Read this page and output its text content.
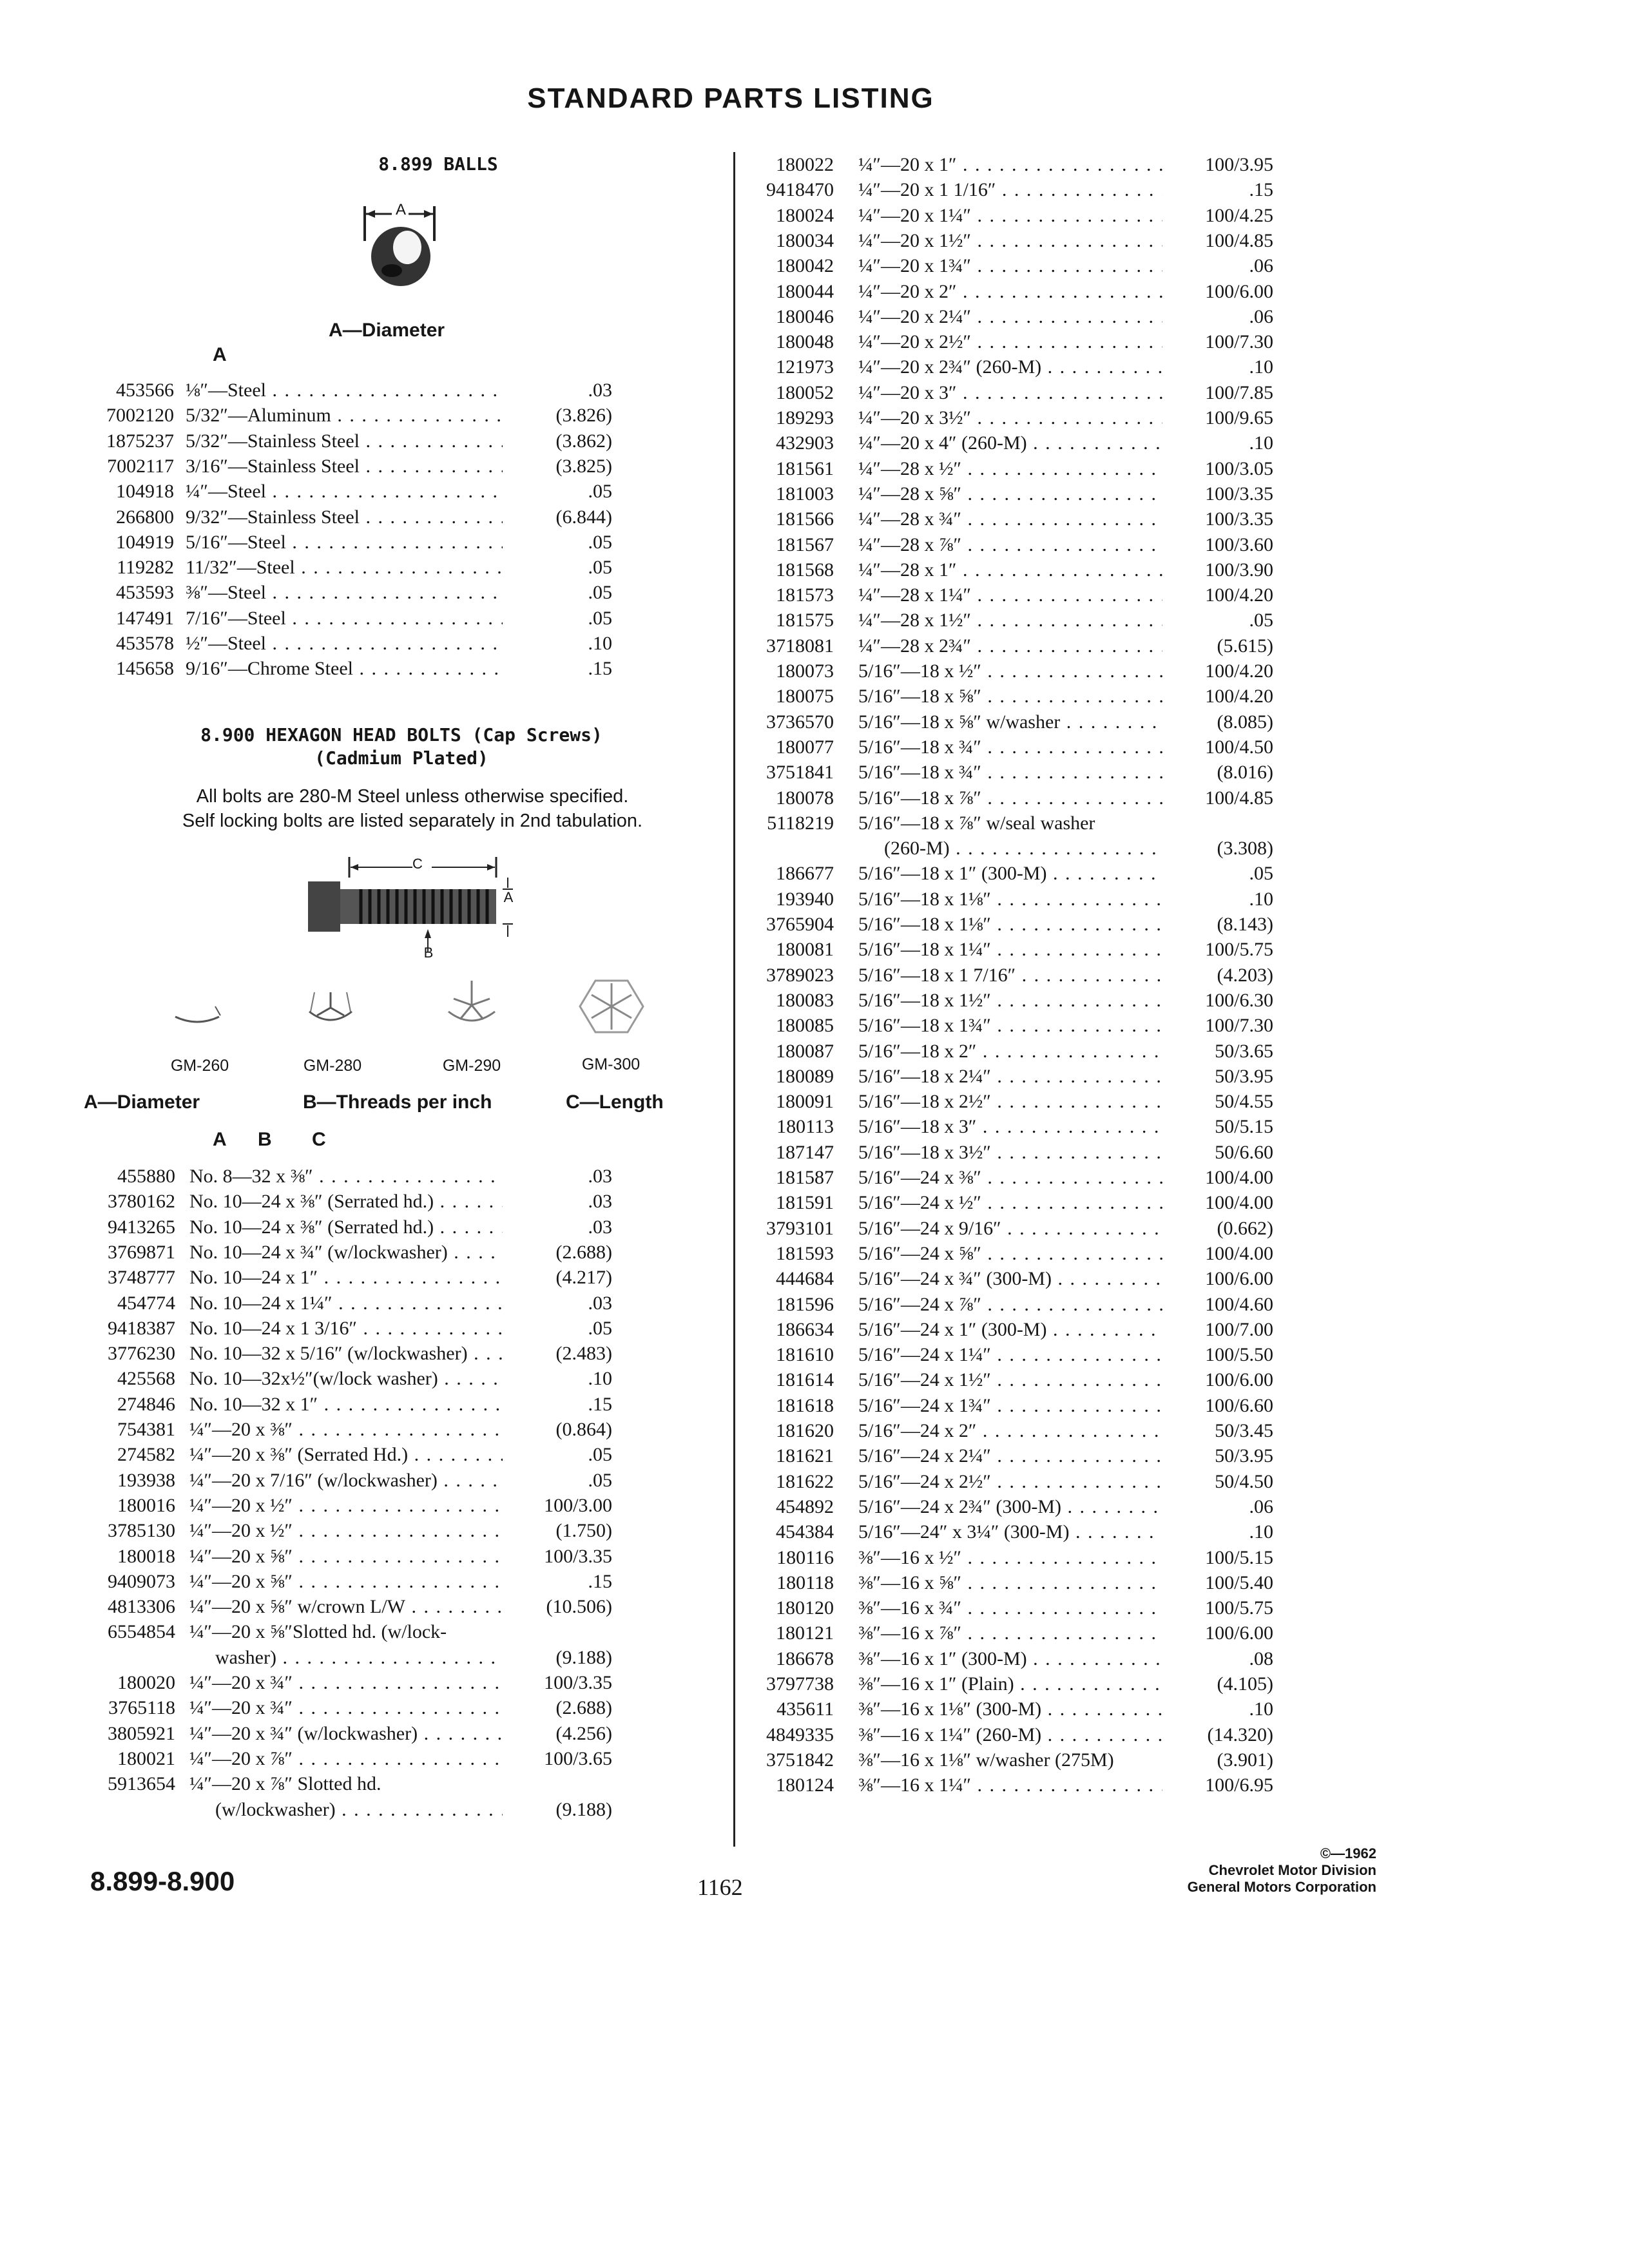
STANDARD PARTS LISTING
8.899 BALLS
A
A—Diameter
A
453566 ⅛″—Steel . . .	.03
7002120 5/32″—Aluminum . . .	(3.826)
1875237 5/32″—Stainless Steel . . .	(3.862)
7002117 3/16″—Stainless Steel . . .	(3.825)
104918 ¼″—Steel . . .	.05
266800 9/32″—Stainless Steel . . .	(6.844)
104919 5/16″—Steel . . .	.05
119282 11/32″—Steel . . .	.05
453593 ⅜″—Steel . . .	.05
147491 7/16″—Steel . . .	.05
453578 ½″—Steel . . .	.10
145658 9/16″—Chrome Steel . . .	.15
8.900 HEXAGON HEAD BOLTS (Cap Screws)
(Cadmium Plated)
All bolts are 280-M Steel unless otherwise specified.
Self locking bolts are listed separately in 2nd tabulation.
C
A
B
GM-260	GM-280	GM-290	GM-300
A—Diameter	B—Threads per inch	C—Length
A B C
455880 No. 8—32 x ⅜″ . . .	.03
3780162 No. 10—24 x ⅜″ (Serrated hd.) . . .	.03
9413265 No. 10—24 x ⅜″ (Serrated hd.) . . .	.03
3769871 No. 10—24 x ¾″ (w/lockwasher) . . .	(2.688)
3748777 No. 10—24 x 1″ . . .	(4.217)
454774 No. 10—24 x 1¼″ . . .	.03
9418387 No. 10—24 x 1 3/16″ . . .	.05
3776230 No. 10—32 x 5/16″ (w/lockwasher) . . .	(2.483)
425568 No. 10—32x½″(w/lock washer) . . .	.10
274846 No. 10—32 x 1″ . . .	.15
754381 ¼″—20 x ⅜″ . . .	(0.864)
274582 ¼″—20 x ⅜″ (Serrated Hd.) . . .	.05
193938 ¼″—20 x 7/16″ (w/lockwasher) . . .	.05
180016 ¼″—20 x ½″ . . .	100/3.00
3785130 ¼″—20 x ½″ . . .	(1.750)
180018 ¼″—20 x ⅝″ . . .	100/3.35
9409073 ¼″—20 x ⅝″ . . .	.15
4813306 ¼″—20 x ⅝″ w/crown L/W . . .	(10.506)
6554854 ¼″—20 x ⅝″Slotted hd. (w/lock-
washer) . . .	(9.188)
180020 ¼″—20 x ¾″ . . .	100/3.35
3765118 ¼″—20 x ¾″ . . .	(2.688)
3805921 ¼″—20 x ¾″ (w/lockwasher) . . .	(4.256)
180021 ¼″—20 x ⅞″ . . .	100/3.65
5913654 ¼″—20 x ⅞″ Slotted hd.
(w/lockwasher) . . .	(9.188)
180022 ¼″—20 x 1″ . . .	100/3.95
9418470 ¼″—20 x 1 1/16″ . . .	.15
180024 ¼″—20 x 1¼″ . . .	100/4.25
180034 ¼″—20 x 1½″ . . .	100/4.85
180042 ¼″—20 x 1¾″ . . .	.06
180044 ¼″—20 x 2″ . . .	100/6.00
180046 ¼″—20 x 2¼″ . . .	.06
180048 ¼″—20 x 2½″ . . .	100/7.30
121973 ¼″—20 x 2¾″ (260-M) . . .	.10
180052 ¼″—20 x 3″ . . .	100/7.85
189293 ¼″—20 x 3½″ . . .	100/9.65
432903 ¼″—20 x 4″ (260-M) . . .	.10
181561 ¼″—28 x ½″ . . .	100/3.05
181003 ¼″—28 x ⅝″ . . .	100/3.35
181566 ¼″—28 x ¾″ . . .	100/3.35
181567 ¼″—28 x ⅞″ . . .	100/3.60
181568 ¼″—28 x 1″ . . .	100/3.90
181573 ¼″—28 x 1¼″ . . .	100/4.20
181575 ¼″—28 x 1½″ . . .	.05
3718081 ¼″—28 x 2¾″ . . .	(5.615)
180073 5/16″—18 x ½″ . . .	100/4.20
180075 5/16″—18 x ⅝″ . . .	100/4.20
3736570 5/16″—18 x ⅝″ w/washer . . .	(8.085)
180077 5/16″—18 x ¾″ . . .	100/4.50
3751841 5/16″—18 x ¾″ . . .	(8.016)
180078 5/16″—18 x ⅞″ . . .	100/4.85
5118219 5/16″—18 x ⅞″ w/seal washer
(260-M) . . .	(3.308)
186677 5/16″—18 x 1″ (300-M) . . .	.05
193940 5/16″—18 x 1⅛″ . . .	.10
3765904 5/16″—18 x 1⅛″ . . .	(8.143)
180081 5/16″—18 x 1¼″ . . .	100/5.75
3789023 5/16″—18 x 1 7/16″ . . .	(4.203)
180083 5/16″—18 x 1½″ . . .	100/6.30
180085 5/16″—18 x 1¾″ . . .	100/7.30
180087 5/16″—18 x 2″ . . .	50/3.65
180089 5/16″—18 x 2¼″ . . .	50/3.95
180091 5/16″—18 x 2½″ . . .	50/4.55
180113 5/16″—18 x 3″ . . .	50/5.15
187147 5/16″—18 x 3½″ . . .	50/6.60
181587 5/16″—24 x ⅜″ . . .	100/4.00
181591 5/16″—24 x ½″ . . .	100/4.00
3793101 5/16″—24 x 9/16″ . . .	(0.662)
181593 5/16″—24 x ⅝″ . . .	100/4.00
444684 5/16″—24 x ¾″ (300-M) . . .	100/6.00
181596 5/16″—24 x ⅞″ . . .	100/4.60
186634 5/16″—24 x 1″ (300-M) . . .	100/7.00
181610 5/16″—24 x 1¼″ . . .	100/5.50
181614 5/16″—24 x 1½″ . . .	100/6.00
181618 5/16″—24 x 1¾″ . . .	100/6.60
181620 5/16″—24 x 2″ . . .	50/3.45
181621 5/16″—24 x 2¼″ . . .	50/3.95
181622 5/16″—24 x 2½″ . . .	50/4.50
454892 5/16″—24 x 2¾″ (300-M) . . .	.06
454384 5/16″—24″ x 3¼″ (300-M) . . .	.10
180116 ⅜″—16 x ½″ . . .	100/5.15
180118 ⅜″—16 x ⅝″ . . .	100/5.40
180120 ⅜″—16 x ¾″ . . .	100/5.75
180121 ⅜″—16 x ⅞″ . . .	100/6.00
186678 ⅜″—16 x 1″ (300-M) . . .	.08
3797738 ⅜″—16 x 1″ (Plain) . . .	(4.105)
435611 ⅜″—16 x 1⅛″ (300-M) . . .	.10
4849335 ⅜″—16 x 1¼″ (260-M) . . .	(14.320)
3751842 ⅜″—16 x 1⅛″ w/washer (275M)	(3.901)
180124 ⅜″—16 x 1¼″ . . .	100/6.95
8.899-8.900	1162
©—1962
Chevrolet Motor Division
General Motors Corporation
